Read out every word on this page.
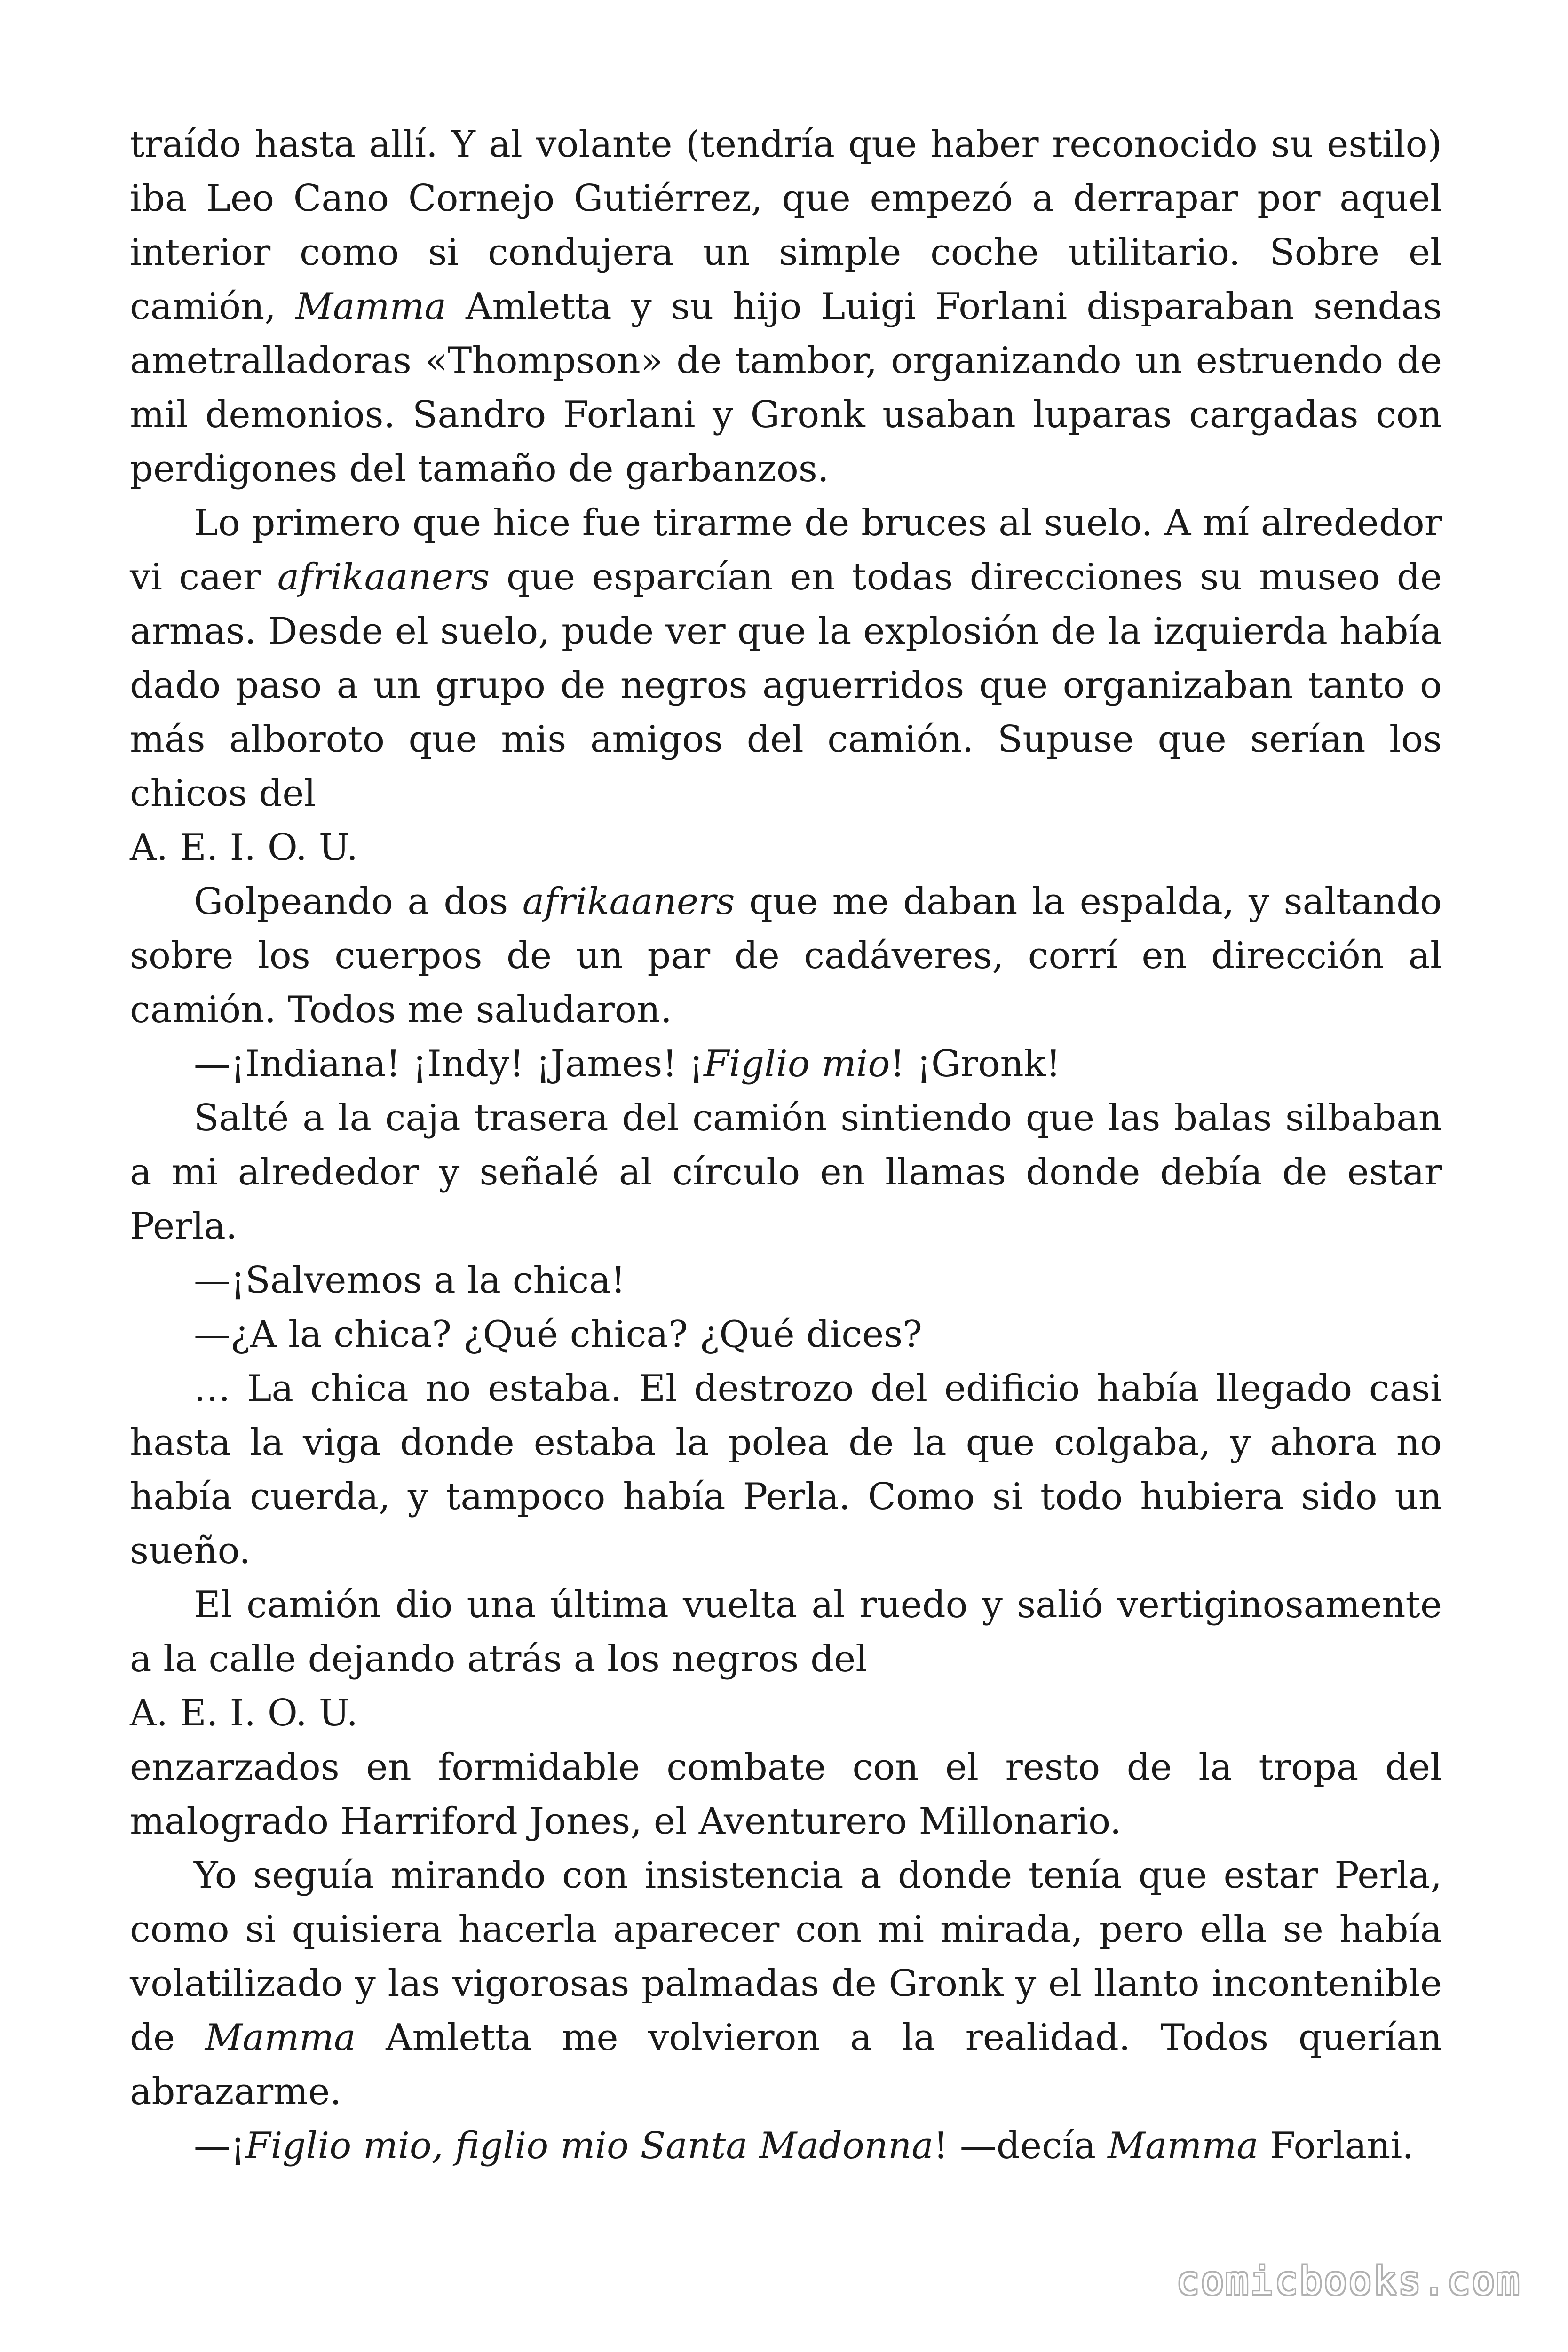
traído hasta allí. Y al volante (tendría que haber reconocido su estilo) iba Leo Cano Cornejo Gutiérrez, que empezó a derrapar por aquel interior como si condujera un simple coche utilitario. Sobre el camión, Mamma Amletta y su hijo Luigi Forlani disparaban sendas ametralladoras «Thompson» de tambor, organizando un estruendo de mil demonios. Sandro Forlani y Gronk usaban luparas cargadas con perdigones del tamaño de garbanzos.

Lo primero que hice fue tirarme de bruces al suelo. A mí alrededor vi caer afrikaaners que esparcían en todas direcciones su museo de armas. Desde el suelo, pude ver que la explosión de la izquierda había dado paso a un grupo de negros aguerridos que organizaban tanto o más alboroto que mis amigos del camión. Supuse que serían los chicos del

A. E. I. O. U.

Golpeando a dos afrikaaners que me daban la espalda, y saltando sobre los cuerpos de un par de cadáveres, corrí en dirección al camión. Todos me saludaron.

—¡Indiana! ¡Indy! ¡James! ¡Figlio mio! ¡Gronk!

Salté a la caja trasera del camión sintiendo que las balas silbaban a mi alrededor y señalé al círculo en llamas donde debía de estar Perla.

—¡Salvemos a la chica!

—¿A la chica? ¿Qué chica? ¿Qué dices?

… La chica no estaba. El destrozo del edificio había llegado casi hasta la viga donde estaba la polea de la que colgaba, y ahora no había cuerda, y tampoco había Perla. Como si todo hubiera sido un sueño.

El camión dio una última vuelta al ruedo y salió vertiginosamente a la calle dejando atrás a los negros del

A. E. I. O. U.

enzarzados en formidable combate con el resto de la tropa del malogrado Harriford Jones, el Aventurero Millonario.

Yo seguía mirando con insistencia a donde tenía que estar Perla, como si quisiera hacerla aparecer con mi mirada, pero ella se había volatilizado y las vigorosas palmadas de Gronk y el llanto incontenible de Mamma Amletta me volvieron a la realidad. Todos querían abrazarme.

—¡Figlio mio, figlio mio Santa Madonna! —decía Mamma Forlani.

comicbooks.com
